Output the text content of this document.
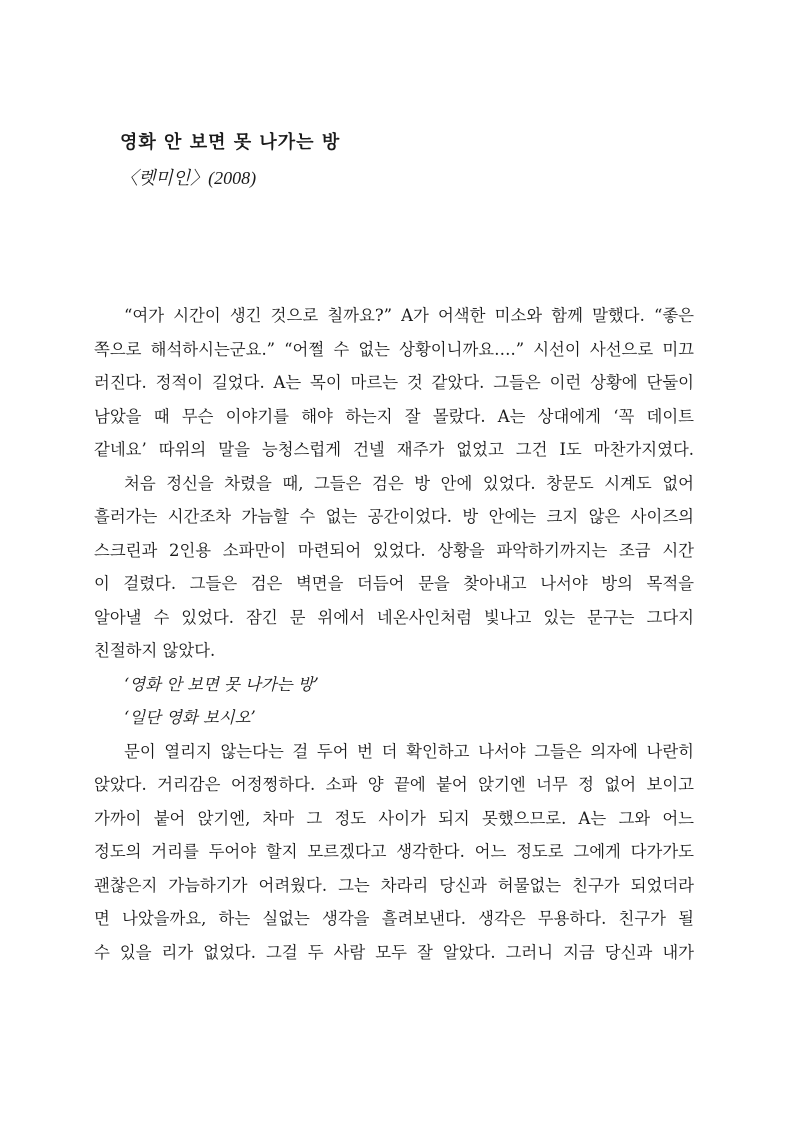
영화 안 보면 못 나가는 방
〈렛미인〉(2008)
“여가 시간이 생긴 것으로 칠까요?” A가 어색한 미소와 함께 말했다. “좋은
쪽으로 해석하시는군요.” “어쩔 수 없는 상황이니까요….” 시선이 사선으로 미끄
러진다. 정적이 길었다. A는 목이 마르는 것 같았다. 그들은 이런 상황에 단둘이
남았을 때 무슨 이야기를 해야 하는지 잘 몰랐다. A는 상대에게 ‘꼭 데이트
같네요’ 따위의 말을 능청스럽게 건넬 재주가 없었고 그건 I도 마찬가지였다.
처음 정신을 차렸을 때, 그들은 검은 방 안에 있었다. 창문도 시계도 없어
흘러가는 시간조차 가늠할 수 없는 공간이었다. 방 안에는 크지 않은 사이즈의
스크린과 2인용 소파만이 마련되어 있었다. 상황을 파악하기까지는 조금 시간
이 걸렸다. 그들은 검은 벽면을 더듬어 문을 찾아내고 나서야 방의 목적을
알아낼 수 있었다. 잠긴 문 위에서 네온사인처럼 빛나고 있는 문구는 그다지
친절하지 않았다.
‘영화 안 보면 못 나가는 방’
‘일단 영화 보시오’
문이 열리지 않는다는 걸 두어 번 더 확인하고 나서야 그들은 의자에 나란히
앉았다. 거리감은 어정쩡하다. 소파 양 끝에 붙어 앉기엔 너무 정 없어 보이고
가까이 붙어 앉기엔, 차마 그 정도 사이가 되지 못했으므로. A는 그와 어느
정도의 거리를 두어야 할지 모르겠다고 생각한다. 어느 정도로 그에게 다가가도
괜찮은지 가늠하기가 어려웠다. 그는 차라리 당신과 허물없는 친구가 되었더라
면 나았을까요, 하는 실없는 생각을 흘려보낸다. 생각은 무용하다. 친구가 될
수 있을 리가 없었다. 그걸 두 사람 모두 잘 알았다. 그러니 지금 당신과 내가
